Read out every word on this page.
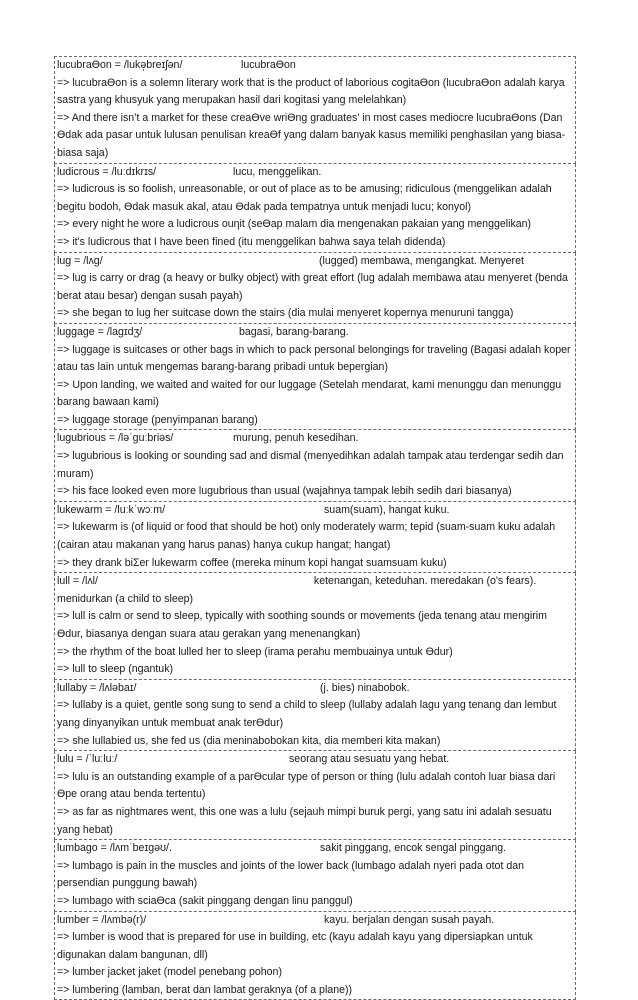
lucubraƟon = /lukə̩breɪʃən/	lucubraƟon
=> lucubraƟon is a solemn literary work that is the product of laborious cogitaƟon (lucubraƟon adalah karya sastra yang khusyuk yang merupakan hasil dari kogitasi yang melelahkan)
=> And there isn’t a market for these creaƟve wriƟng graduates’ in most cases mediocre lucubraƟons (Dan Ɵdak ada pasar untuk lulusan penulisan kreaƟf yang dalam banyak kasus memiliki penghasilan yang biasa-biasa saja)
ludicrous = /luːdɪkrɪs/	lucu, menggelikan.
=> ludicrous is so foolish, unreasonable, or out of place as to be amusing; ridiculous (menggelikan adalah begitu bodoh, Ɵdak masuk akal, atau Ɵdak pada tempatnya untuk menjadi lucu; konyol)
=> every night he wore a ludicrous ouƞit (seƟap malam dia mengenakan pakaian yang menggelikan)
=> it's ludicrous that I have been fined (itu menggelikan bahwa saya telah didenda)
lug = /lʌɡ/	(lugged) membawa, mengangkat. Menyeret
=> lug is carry or drag (a heavy or bulky object) with great effort (lug adalah membawa atau menyeret (benda berat atau besar) dengan susah payah)
=> she began to lug her suitcase down the stairs (dia mulai menyeret kopernya menuruni tangga)
luggage = /lagɪdʒ/	bagasi, barang-barang.
=> luggage is suitcases or other bags in which to pack personal belongings for traveling (Bagasi adalah koper atau tas lain untuk mengemas barang-barang pribadi untuk bepergian)
=> Upon landing, we waited and waited for our luggage (Setelah mendarat, kami menunggu dan menunggu barang bawaan kami)
=> luggage storage (penyimpanan barang)
lugubrious = /ləˈɡuːbriəs/	murung, penuh kesedihan.
=> lugubrious is looking or sounding sad and dismal (menyedihkan adalah tampak atau terdengar sedih dan muram)
=> his face looked even more lugubrious than usual (wajahnya tampak lebih sedih dari biasanya)
lukewarm = /luːkˈwɔːm/	suam(suam), hangat kuku.
=> lukewarm is (of liquid or food that should be hot) only moderately warm; tepid (suam-suam kuku adalah (cairan atau makanan yang harus panas) hanya cukup hangat; hangat)
=> they drank biƩer lukewarm coffee (mereka minum kopi hangat suamsuam kuku)
lull = /lʌl/	ketenangan, keteduhan. meredakan (o's fears). menidurkan (a child to sleep)
=> lull is calm or send to sleep, typically with soothing sounds or movements (jeda tenang atau mengirim Ɵdur, biasanya dengan suara atau gerakan yang menenangkan)
=> the rhythm of the boat lulled her to sleep (irama perahu membuainya untuk Ɵdur)
=> lull to sleep (ngantuk)
lullaby = /lʌləbaɪ/	(j. bies) ninabobok.
=> lullaby is a quiet, gentle song sung to send a child to sleep (lullaby adalah lagu yang tenang dan lembut yang dinyanyikan untuk membuat anak terƟdur)
=> she lullabied us, she fed us (dia meninabobokan kita, dia memberi kita makan)
lulu = /ˈluːluː/	seorang atau sesuatu yang hebat.
=> lulu is an outstanding example of a parƟcular type of person or thing (lulu adalah contoh luar biasa dari Ɵpe orang atau benda tertentu)
=> as far as nightmares went, this one was a lulu (sejauh mimpi buruk pergi, yang satu ini adalah sesuatu yang hebat)
lumbago = /lʌmˈbeɪɡəʊ/.	sakit pinggang, encok sengal pinggang.
=> lumbago is pain in the muscles and joints of the lower back (lumbago adalah nyeri pada otot dan persendian punggung bawah)
=> lumbago with sciaƟca (sakit pinggang dengan linu panggul)
lumber = /lʌmbə(r)/	kayu. berjalan dengan susah payah.
=> lumber is wood that is prepared for use in building, etc (kayu adalah kayu yang dipersiapkan untuk digunakan dalam bangunan, dll)
=> lumber jacket jaket (model penebang pohon)
=> lumbering (lamban, berat dan lambat geraknya (of a plane))
